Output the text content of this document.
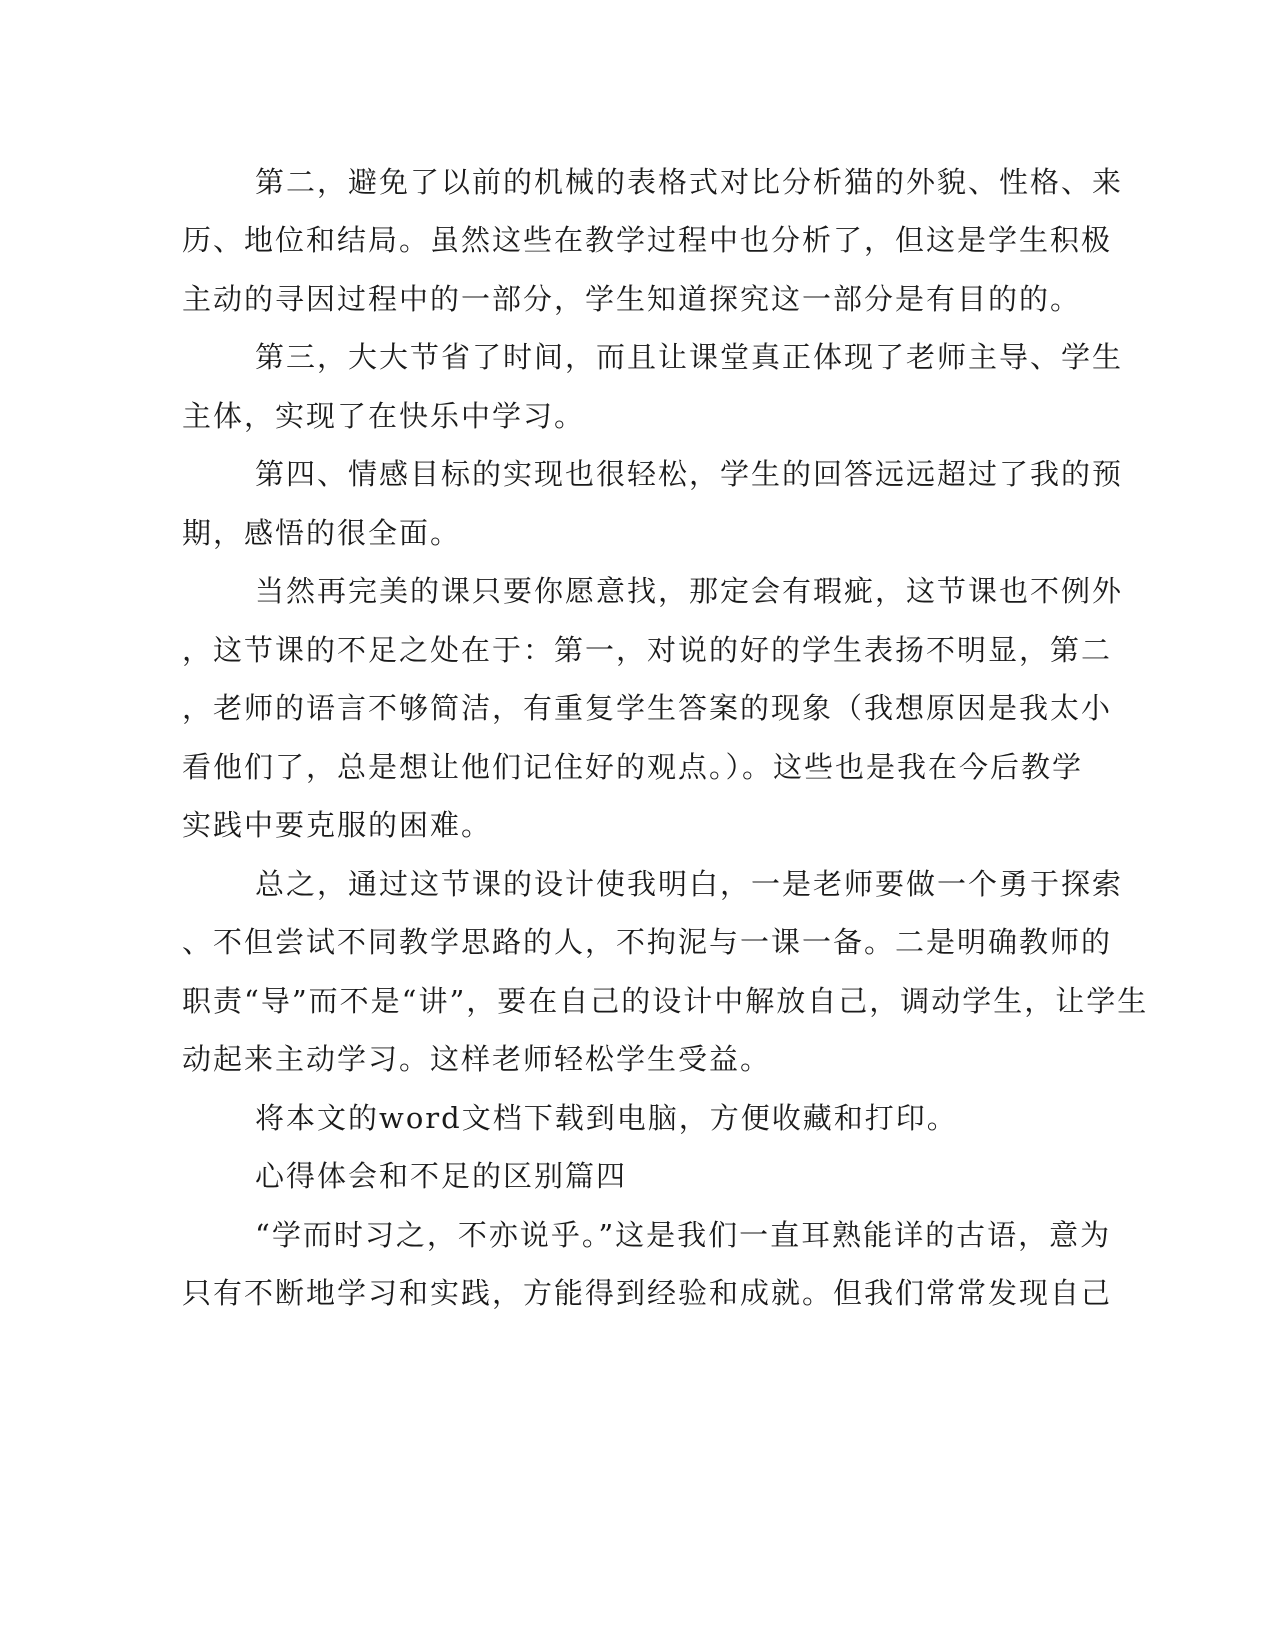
第二，避免了以前的机械的表格式对比分析猫的外貌、性格、来
历、地位和结局。虽然这些在教学过程中也分析了，但这是学生积极
主动的寻因过程中的一部分，学生知道探究这一部分是有目的的。
第三，大大节省了时间，而且让课堂真正体现了老师主导、学生
主体，实现了在快乐中学习。
第四、情感目标的实现也很轻松，学生的回答远远超过了我的预
期，感悟的很全面。
当然再完美的课只要你愿意找，那定会有瑕疵，这节课也不例外
，这节课的不足之处在于：第一，对说的好的学生表扬不明显，第二
，老师的语言不够简洁，有重复学生答案的现象（我想原因是我太小
看他们了，总是想让他们记住好的观点。）。这些也是我在今后教学
实践中要克服的困难。
总之，通过这节课的设计使我明白，一是老师要做一个勇于探索
、不但尝试不同教学思路的人，不拘泥与一课一备。二是明确教师的
职责“导”而不是“讲”，要在自己的设计中解放自己，调动学生，让学生
动起来主动学习。这样老师轻松学生受益。
将本文的word文档下载到电脑，方便收藏和打印。
心得体会和不足的区别篇四
“学而时习之，不亦说乎。”这是我们一直耳熟能详的古语，意为
只有不断地学习和实践，方能得到经验和成就。但我们常常发现自己
